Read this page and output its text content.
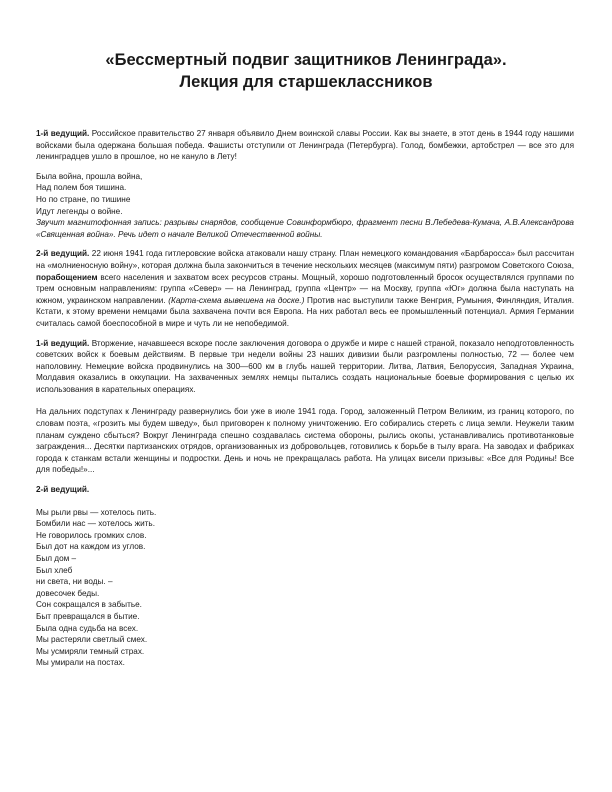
«Бессмертный подвиг защитников Ленинграда».
Лекция для старшеклассников

1-й ведущий. Российское правительство 27 января объявило Днем воинской славы России. Как вы знаете, в этот день в 1944 году нашими войсками была одержана большая победа. Фашисты отступили от Ленинграда (Петербурга). Голод, бомбежки, артобстрел — все это для ленинградцев ушло в прошлое, но не кануло в Лету!

Была война, прошла война,
Над полем боя тишина.
Но по стране, по тишине
Идут легенды о войне.

Звучит магнитофонная запись: разрывы снарядов, сообщение Совинформбюро, фрагмент песни В.Лебедева-Кумача, А.В.Александрова «Священная война». Речь идет о начале Великой Отечественной войны.

2-й ведущий. 22 июня 1941 года гитлеровские войска атаковали нашу страну. План немецкого командования «Барбаросса» был рассчитан на «молниеносную войну», которая должна была закончиться в течение нескольких месяцев (максимум пяти) разгромом Советского Союза, порабощением всего населения и захватом всех ресурсов страны. Мощный, хорошо подготовленный бросок осуществлялся группами по трем основным направлениям: группа «Север» — на Ленинград, группа «Центр» — на Москву, группа «Юг» должна была наступать на южном, украинском направлении. (Карта-схема вывешена на доске.) Против нас выступили также Венгрия, Румыния, Финляндия, Италия. Кстати, к этому времени немцами была захвачена почти вся Европа. На них работал весь ее промышленный потенциал. Армия Германии считалась самой боеспособной в мире и чуть ли не непобедимой.

1-й ведущий. Вторжение, начавшееся вскоре после заключения договора о дружбе и мире с нашей страной, показало неподготовленность советских войск к боевым действиям. В первые три недели войны 23 наших дивизии были разгромлены полностью, 72 — более чем наполовину. Немецкие войска продвинулись на 300—600 км в глубь нашей территории. Литва, Латвия, Белоруссия, Западная Украина, Молдавия оказались в оккупации. На захваченных землях немцы пытались создать национальные боевые формирования с целью их использования в карательных операциях.

На дальних подступах к Ленинграду развернулись бои уже в июле 1941 года. Город, заложенный Петром Великим, из границ которого, по словам поэта, «грозить мы будем шведу», был приговорен к полному уничтожению. Его собирались стереть с лица земли. Неужели таким планам суждено сбыться? Вокруг Ленинграда спешно создавалась система обороны, рылись окопы, устанавливались противотанковые заграждения... Десятки партизанских отрядов, организованных из добровольцев, готовились к борьбе в тылу врага. На заводах и фабриках города к станкам встали женщины и подростки. День и ночь не прекращалась работа. На улицах висели призывы: «Все для Родины! Все для победы!»...

2-й ведущий.

Мы рыли рвы — хотелось пить.
Бомбили нас — хотелось жить.
Не говорилось громких слов.
Был дот на каждом из углов.
Был дом –
Был хлеб
ни света, ни воды. –
довесочек беды.
Сон сокращался в забытье.
Быт превращался в бытие.
Была одна судьба на всех.
Мы растеряли светлый смех.
Мы усмиряли темный страх.
Мы умирали на постах.
